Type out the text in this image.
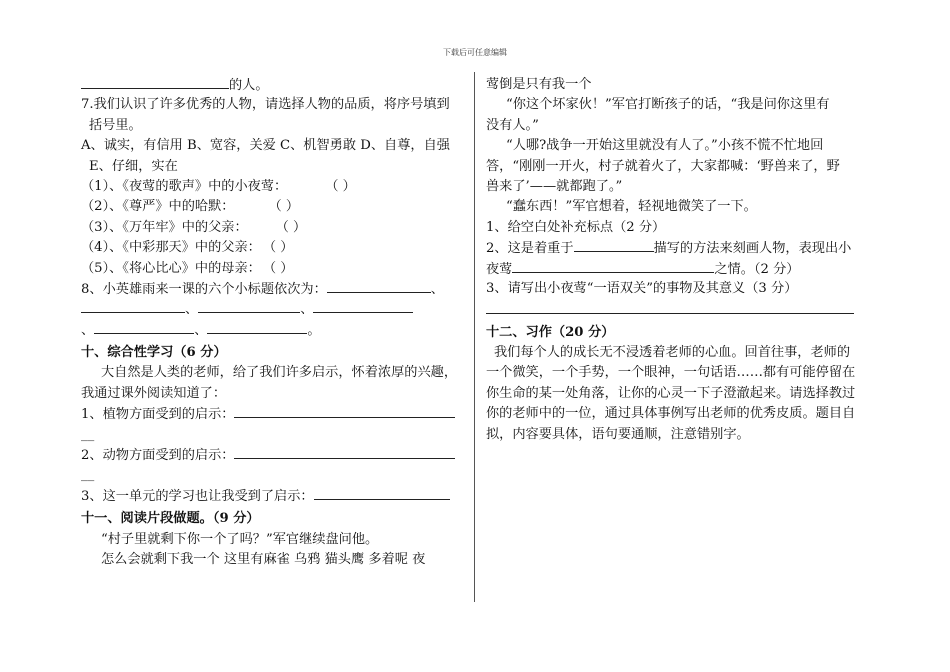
下载后可任意编辑
的人。
7.我们认识了许多优秀的人物，请选择人物的品质，将序号填到
括号里。
A、诚实，有信用 B、宽容，关爱 C、机智勇敢 D、自尊，自强
E、仔细，实在
（1）、《夜莺的歌声》中的小夜莺：	（ ）
（2）、《尊严》中的哈默：	（ ）
（3）、《万年牢》中的父亲： （ ）
（4）、《中彩那天》中的父亲： （ ）
（5）、《将心比心》中的母亲： （ ）
8、小英雄雨来一课的六个小标题依次为：	、
、	、
、	、	。
十、综合性学习（6 分）
大自然是人类的老师，给了我们许多启示，怀着浓厚的兴趣，
我通过课外阅读知道了：
1、植物方面受到的启示：
__
2、动物方面受到的启示：
__
3、这一单元的学习也让我受到了启示：
十一、阅读片段做题。（9 分）
“村子里就剩下你一个了吗？”军官继续盘问他。
怎么会就剩下我一个 这里有麻雀 乌鸦 猫头鹰 多着呢 夜
莺倒是只有我一个
“你这个坏家伙！”军官打断孩子的话，“我是问你这里有
没有人。”
“人哪?战争一开始这里就没有人了。”小孩不慌不忙地回
答，“刚刚一开火，村子就着火了，大家都喊：‘野兽来了，野
兽来了’——就都跑了。”
“蠢东西！”军官想着，轻视地微笑了一下。
1、给空白处补充标点（2 分）
2、这是着重于	描写的方法来刻画人物，表现出小
夜莺	之情。（2 分）
3、请写出小夜莺“一语双关”的事物及其意义（3 分）
十二、习作（20 分）
我们每个人的成长无不浸透着老师的心血。回首往事，老师的
一个微笑，一个手势，一个眼神，一句话语……都有可能停留在
你生命的某一处角落，让你的心灵一下子澄澈起来。请选择教过
你的老师中的一位，通过具体事例写出老师的优秀皮质。题目自
拟，内容要具体，语句要通顺，注意错别字。
